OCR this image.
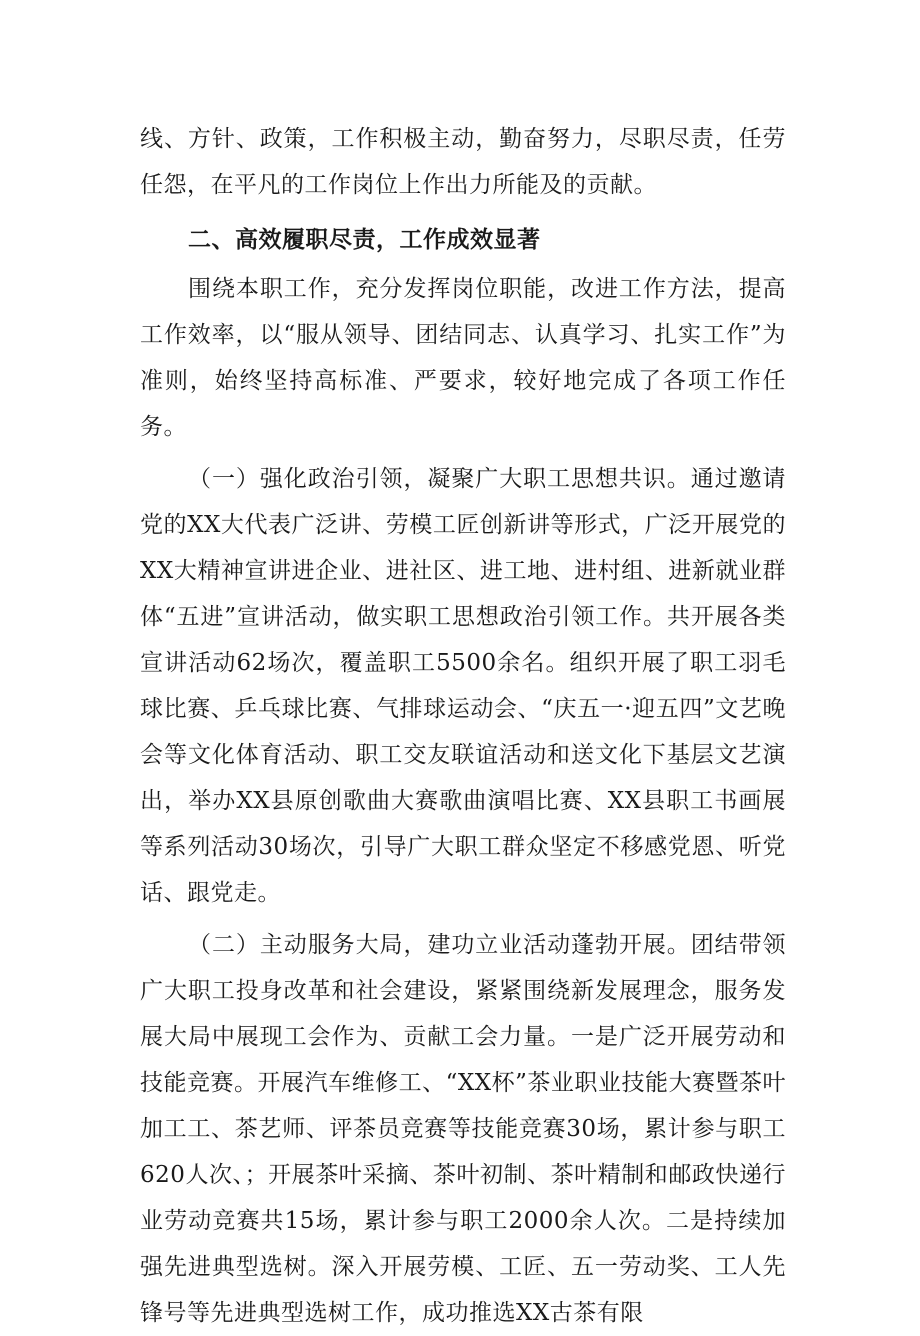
线、方针、政策，工作积极主动，勤奋努力，尽职尽责，任劳任怨，在平凡的工作岗位上作出力所能及的贡献。

二、高效履职尽责，工作成效显著

围绕本职工作，充分发挥岗位职能，改进工作方法，提高工作效率，以“服从领导、团结同志、认真学习、扎实工作”为准则，始终坚持高标准、严要求，较好地完成了各项工作任务。

（一）强化政治引领，凝聚广大职工思想共识。通过邀请党的XX大代表广泛讲、劳模工匠创新讲等形式，广泛开展党的XX大精神宣讲进企业、进社区、进工地、进村组、进新就业群体“五进”宣讲活动，做实职工思想政治引领工作。共开展各类宣讲活动62场次，覆盖职工5500余名。组织开展了职工羽毛球比赛、乒乓球比赛、气排球运动会、“庆五一·迎五四”文艺晚会等文化体育活动、职工交友联谊活动和送文化下基层文艺演出，举办XX县原创歌曲大赛歌曲演唱比赛、XX县职工书画展等系列活动30场次，引导广大职工群众坚定不移感党恩、听党话、跟党走。

（二）主动服务大局，建功立业活动蓬勃开展。团结带领广大职工投身改革和社会建设，紧紧围绕新发展理念，服务发展大局中展现工会作为、贡献工会力量。一是广泛开展劳动和技能竞赛。开展汽车维修工、“XX杯”茶业职业技能大赛暨茶叶加工工、茶艺师、评茶员竞赛等技能竞赛30场，累计参与职工620人次、；开展茶叶采摘、茶叶初制、茶叶精制和邮政快递行业劳动竞赛共15场，累计参与职工2000余人次。二是持续加强先进典型选树。深入开展劳模、工匠、五一劳动奖、工人先锋号等先进典型选树工作，成功推选XX古茶有限
